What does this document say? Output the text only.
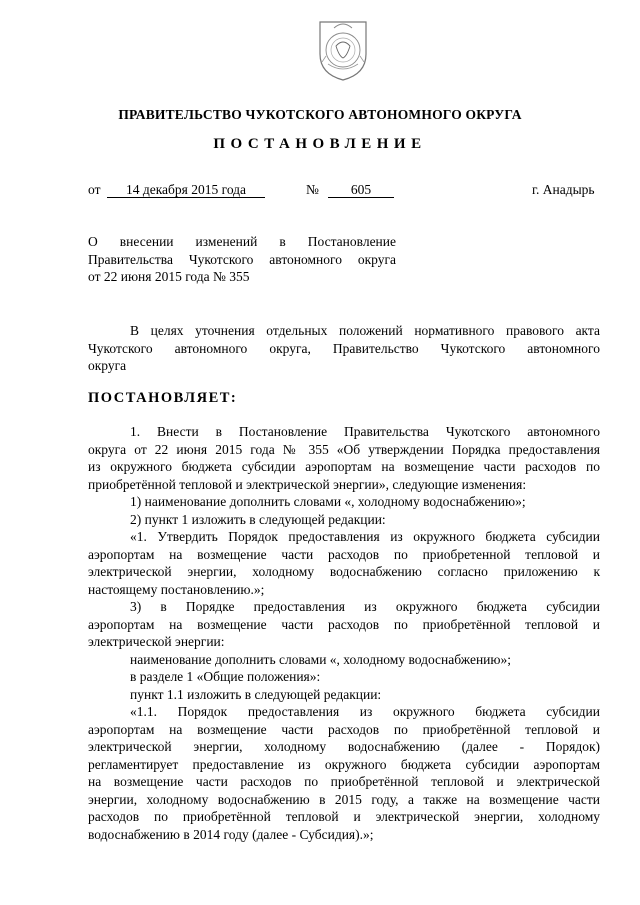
ПРАВИТЕЛЬСТВО ЧУКОТСКОГО АВТОНОМНОГО ОКРУГА
ПОСТАНОВЛЕНИЕ
от	14 декабря 2015 года	№	605	г. Анадырь
О внесении изменений в Постановление
Правительства Чукотского автономного округа
от 22 июня 2015 года № 355
В целях уточнения отдельных положений нормативного правового акта
Чукотского автономного округа, Правительство Чукотского автономного
округа
ПОСТАНОВЛЯЕТ:
1. Внести в Постановление Правительства Чукотского автономного
округа от 22 июня 2015 года № 355 «Об утверждении Порядка предоставления
из окружного бюджета субсидии аэропортам на возмещение части расходов по
приобретённой тепловой и электрической энергии», следующие изменения:
1) наименование дополнить словами «, холодному водоснабжению»;
2) пункт 1 изложить в следующей редакции:
«1. Утвердить Порядок предоставления из окружного бюджета субсидии
аэропортам на возмещение части расходов по приобретенной тепловой и
электрической энергии, холодному водоснабжению согласно приложению к
настоящему постановлению.»;
3) в Порядке предоставления из окружного бюджета субсидии
аэропортам на возмещение части расходов по приобретённой тепловой и
электрической энергии:
наименование дополнить словами «, холодному водоснабжению»;
в разделе 1 «Общие положения»:
пункт 1.1 изложить в следующей редакции:
«1.1. Порядок предоставления из окружного бюджета субсидии
аэропортам на возмещение части расходов по приобретённой тепловой и
электрической энергии, холодному водоснабжению (далее - Порядок)
регламентирует предоставление из окружного бюджета субсидии аэропортам
на возмещение части расходов по приобретённой тепловой и электрической
энергии, холодному водоснабжению в 2015 году, а также на возмещение части
расходов по приобретённой тепловой и электрической энергии, холодному
водоснабжению в 2014 году (далее - Субсидия).»;
